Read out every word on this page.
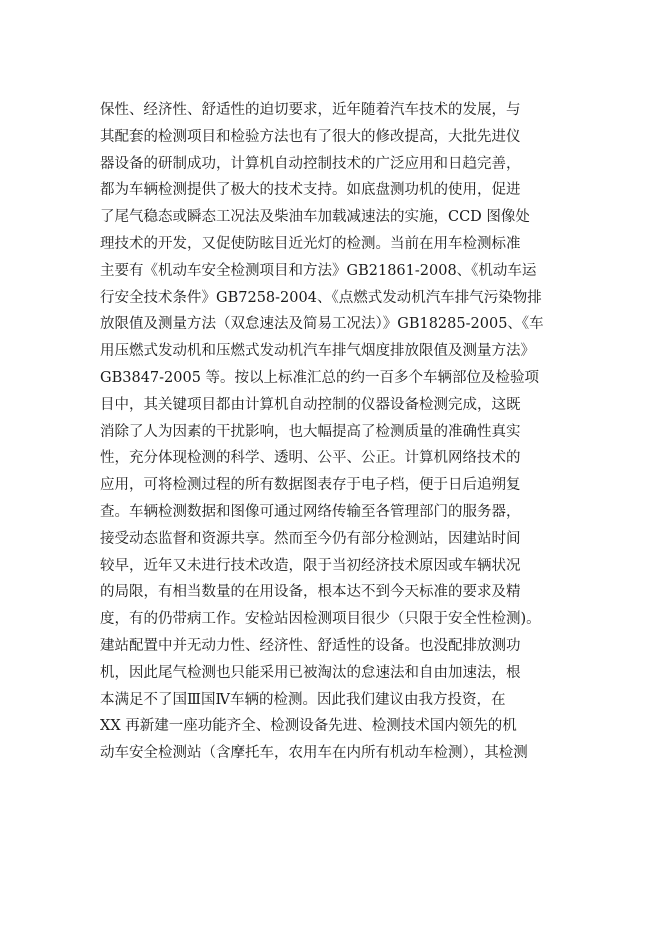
保性、经济性、舒适性的迫切要求，近年随着汽车技术的发展，与
其配套的检测项目和检验方法也有了很大的修改提高，大批先进仪
器设备的研制成功，计算机自动控制技术的广泛应用和日趋完善，
都为车辆检测提供了极大的技术支持。如底盘测功机的使用，促进
了尾气稳态或瞬态工况法及柴油车加载减速法的实施，CCD 图像处
理技术的开发，又促使防眩目近光灯的检测。当前在用车检测标准
主要有《机动车安全检测项目和方法》GB21861-2008、《机动车运
行安全技术条件》GB7258-2004、《点燃式发动机汽车排气污染物排
放限值及测量方法（双怠速法及简易工况法）》GB18285-2005、《车
用压燃式发动机和压燃式发动机汽车排气烟度排放限值及测量方法》
GB3847-2005 等。按以上标准汇总的约一百多个车辆部位及检验项
目中，其关键项目都由计算机自动控制的仪器设备检测完成，这既
消除了人为因素的干扰影响，也大幅提高了检测质量的准确性真实
性，充分体现检测的科学、透明、公平、公正。计算机网络技术的
应用，可将检测过程的所有数据图表存于电子档，便于日后追朔复
查。车辆检测数据和图像可通过网络传输至各管理部门的服务器，
接受动态监督和资源共享。然而至今仍有部分检测站，因建站时间
较早，近年又未进行技术改造，限于当初经济技术原因或车辆状况
的局限，有相当数量的在用设备，根本达不到今天标准的要求及精
度，有的仍带病工作。安检站因检测项目很少（只限于安全性检测)。
建站配置中并无动力性、经济性、舒适性的设备。也没配排放测功
机，因此尾气检测也只能采用已被淘汰的怠速法和自由加速法，根
本满足不了国Ⅲ国Ⅳ车辆的检测。因此我们建议由我方投资，在
XX 再新建一座功能齐全、检测设备先进、检测技术国内领先的机
动车安全检测站（含摩托车，农用车在内所有机动车检测），其检测
